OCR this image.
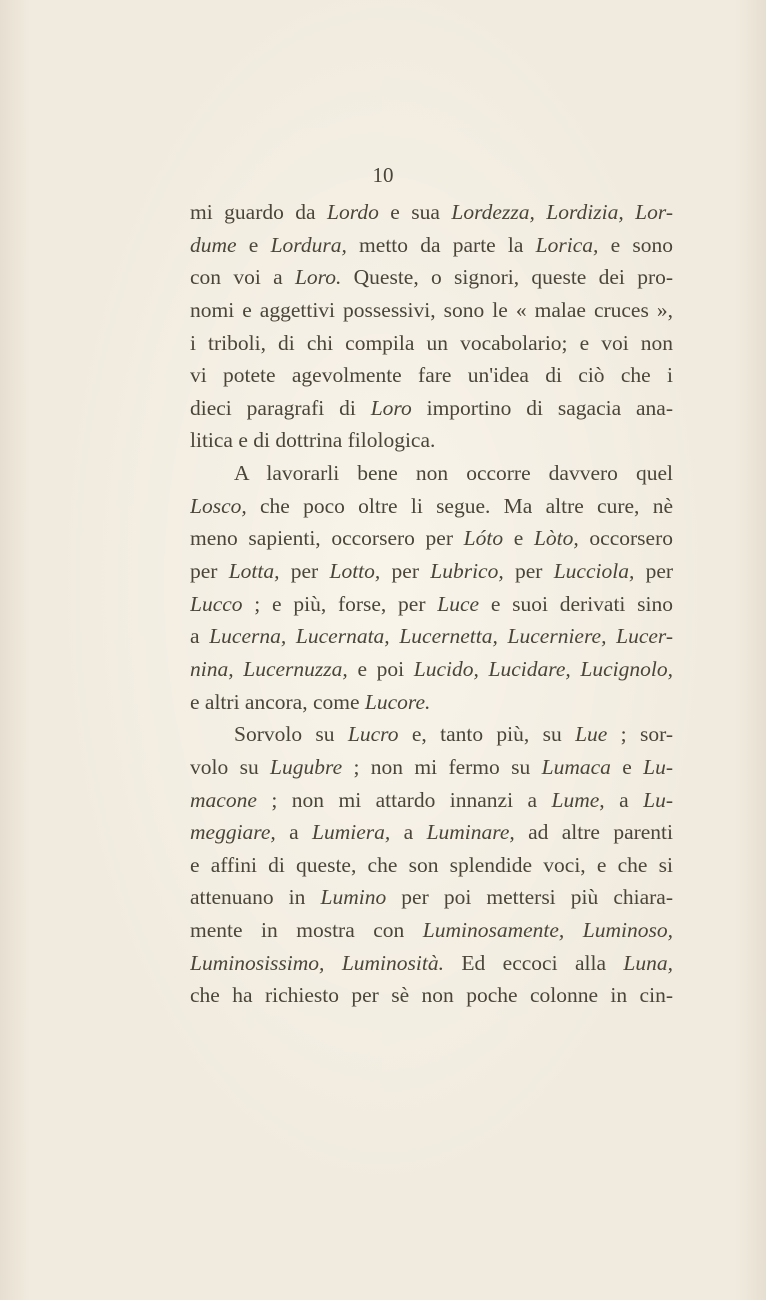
10
mi guardo da Lordo e sua Lordezza, Lordizia, Lor-
dume e Lordura, metto da parte la Lorica, e sono
con voi a Loro. Queste, o signori, queste dei pro-
nomi e aggettivi possessivi, sono le « malae cruces »,
i triboli, di chi compila un vocabolario; e voi non
vi potete agevolmente fare un'idea di ciò che i
dieci paragrafi di Loro importino di sagacia ana-
litica e di dottrina filologica.
A lavorarli bene non occorre davvero quel
Losco, che poco oltre li segue. Ma altre cure, nè
meno sapienti, occorsero per Lóto e Lòto, occorsero
per Lotta, per Lotto, per Lubrico, per Lucciola, per
Lucco ; e più, forse, per Luce e suoi derivati sino
a Lucerna, Lucernata, Lucernetta, Lucerniere, Lucer-
nina, Lucernuzza, e poi Lucido, Lucidare, Lucignolo,
e altri ancora, come Lucore.
Sorvolo su Lucro e, tanto più, su Lue ; sor-
volo su Lugubre ; non mi fermo su Lumaca e Lu-
macone ; non mi attardo innanzi a Lume, a Lu-
meggiare, a Lumiera, a Luminare, ad altre parenti
e affini di queste, che son splendide voci, e che si
attenuano in Lumino per poi mettersi più chiara-
mente in mostra con Luminosamente, Luminoso,
Luminosissimo, Luminosità. Ed eccoci alla Luna,
che ha richiesto per sè non poche colonne in cin-
